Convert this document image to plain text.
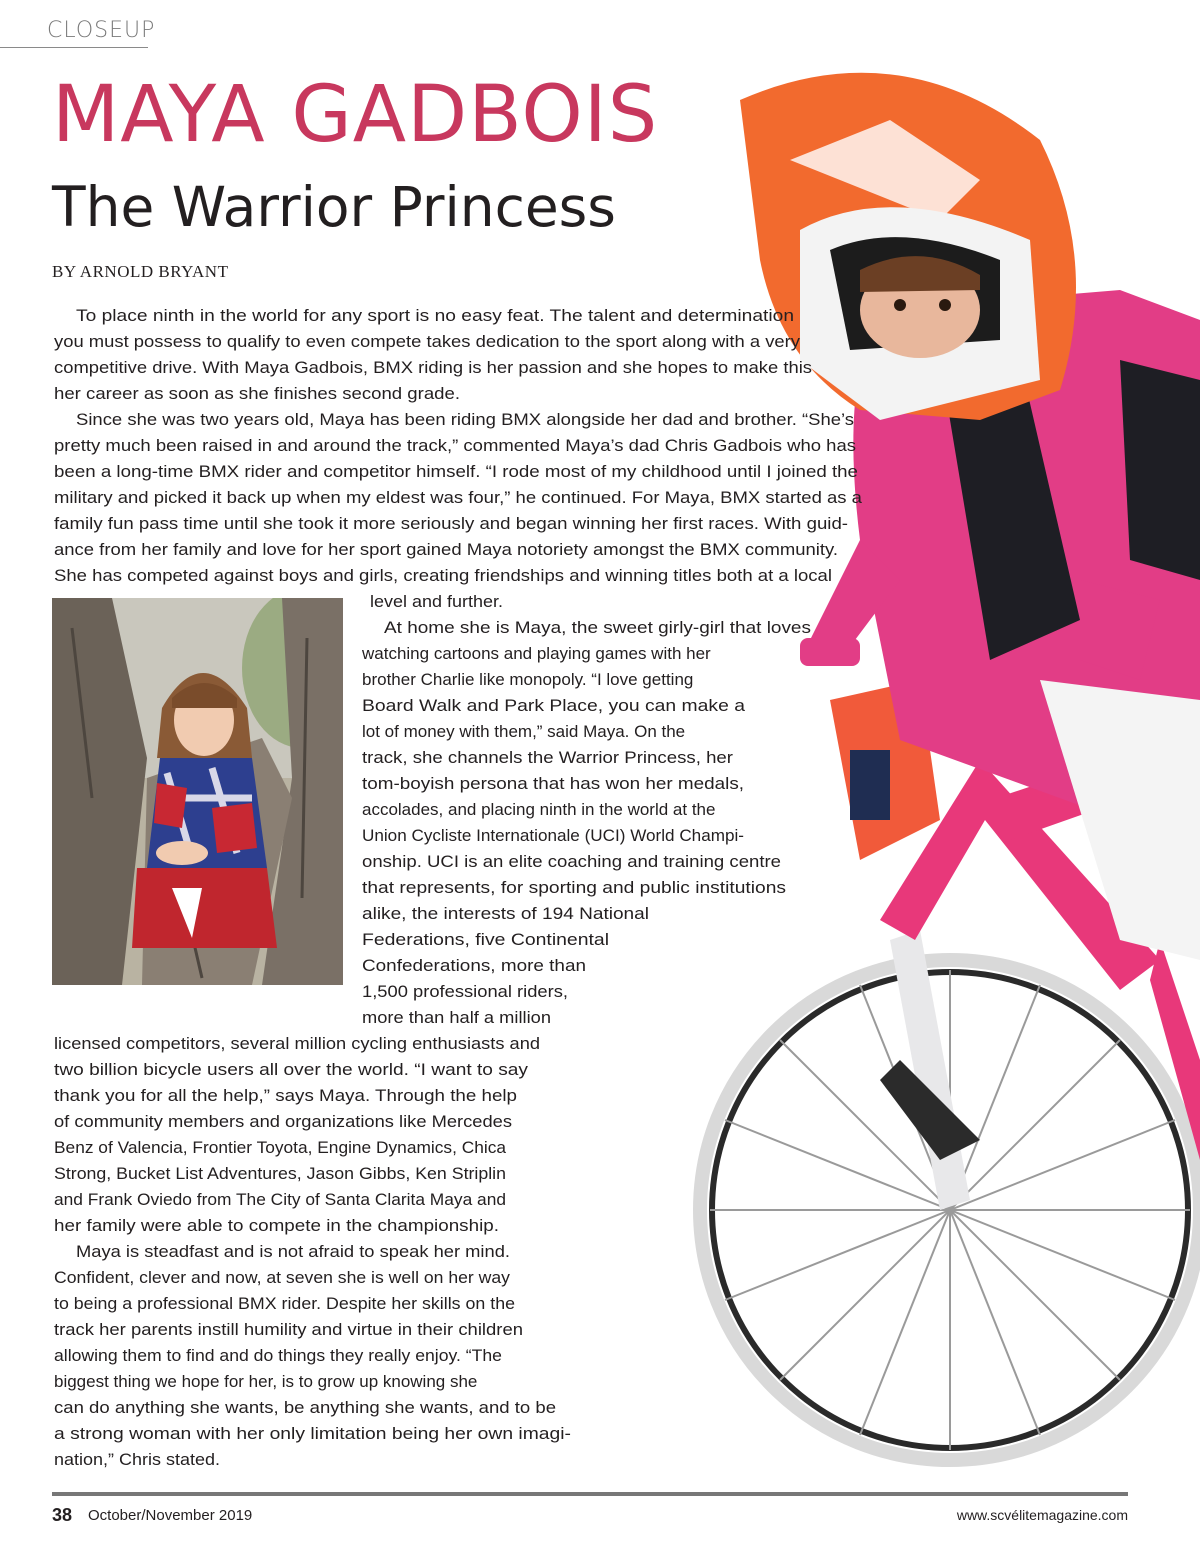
CLOSEUP
MAYA GADBOIS
The Warrior Princess
BY ARNOLD BRYANT
To place ninth in the world for any sport is no easy feat. The talent and determination
you must possess to qualify to even compete takes dedication to the sport along with a very
competitive drive. With Maya Gadbois, BMX riding is her passion and she hopes to make this
her career as soon as she finishes second grade.
Since she was two years old, Maya has been riding BMX alongside her dad and brother. “She’s
pretty much been raised in and around the track,” commented Maya’s dad Chris Gadbois who has
been a long-time BMX rider and competitor himself. “I rode most of my childhood until I joined the
military and picked it back up when my eldest was four,” he continued. For Maya, BMX started as a
family fun pass time until she took it more seriously and began winning her first races. With guid-
ance from her family and love for her sport gained Maya notoriety amongst the BMX community.
She has competed against boys and girls, creating friendships and winning titles both at a local
level and further.
At home she is Maya, the sweet girly-girl that loves
watching cartoons and playing games with her
brother Charlie like monopoly. “I love getting
Board Walk and Park Place, you can make a
lot of money with them,” said Maya. On the
track, she channels the Warrior Princess, her
tom-boyish persona that has won her medals,
accolades, and placing ninth in the world at the
Union Cycliste Internationale (UCI) World Champi-
onship. UCI is an elite coaching and training centre
that represents, for sporting and public institutions
alike, the interests of 194 National
Federations, five Continental
Confederations, more than
1,500 professional riders,
more than half a million
licensed competitors, several million cycling enthusiasts and
two billion bicycle users all over the world. “I want to say
thank you for all the help,” says Maya. Through the help
of community members and organizations like Mercedes
Benz of Valencia, Frontier Toyota, Engine Dynamics, Chica
Strong, Bucket List Adventures, Jason Gibbs, Ken Striplin
and Frank Oviedo from The City of Santa Clarita Maya and
her family were able to compete in the championship.
Maya is steadfast and is not afraid to speak her mind.
Confident, clever and now, at seven she is well on her way
to being a professional BMX rider. Despite her skills on the
track her parents instill humility and virtue in their children
allowing them to find and do things they really enjoy. “The
biggest thing we hope for her, is to grow up knowing she
can do anything she wants, be anything she wants, and to be
a strong woman with her only limitation being her own imagi-
nation,” Chris stated.
38 October/November 2019	www.scvélitemagazine.com
